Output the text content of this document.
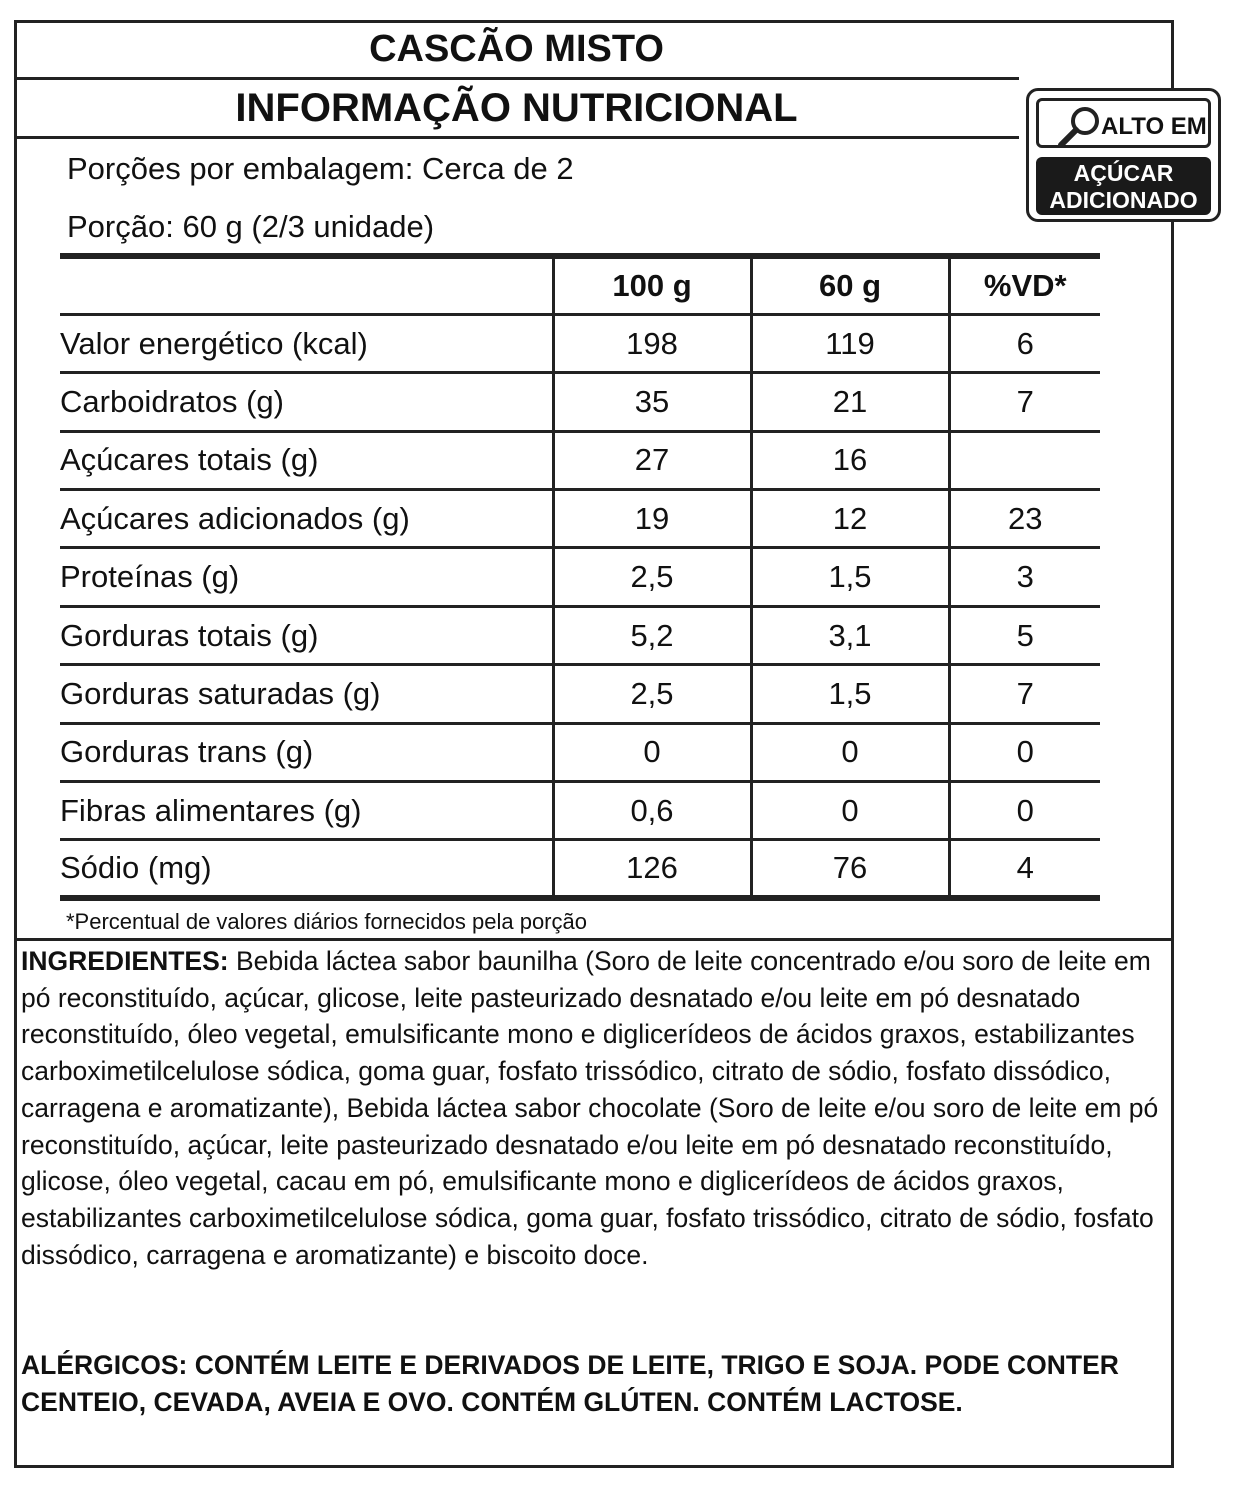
CASCÃO MISTO
INFORMAÇÃO NUTRICIONAL
Porções por embalagem: Cerca de 2
Porção: 60 g (2/3 unidade)
	100 g	60 g	%VD*
Valor energético (kcal)	198	119	6
Carboidratos (g)	35	21	7
Açúcares totais (g)	27	16	
Açúcares adicionados (g)	19	12	23
Proteínas (g)	2,5	1,5	3
Gorduras totais (g)	5,2	3,1	5
Gorduras saturadas (g)	2,5	1,5	7
Gorduras trans (g)	0	0	0
Fibras alimentares (g)	0,6	0	0
Sódio (mg)	126	76	4
*Percentual de valores diários fornecidos pela porção
INGREDIENTES: Bebida láctea sabor baunilha (Soro de leite concentrado e/ou soro de leite em pó reconstituído, açúcar, glicose, leite pasteurizado desnatado e/ou leite em pó desnatado reconstituído, óleo vegetal, emulsificante mono e diglicerídeos de ácidos graxos, estabilizantes carboximetilcelulose sódica, goma guar, fosfato trissódico, citrato de sódio, fosfato dissódico, carragena e aromatizante), Bebida láctea sabor chocolate (Soro de leite e/ou soro de leite em pó reconstituído, açúcar, leite pasteurizado desnatado e/ou leite em pó desnatado reconstituído, glicose, óleo vegetal, cacau em pó, emulsificante mono e diglicerídeos de ácidos graxos, estabilizantes carboximetilcelulose sódica, goma guar, fosfato trissódico, citrato de sódio, fosfato dissódico, carragena e aromatizante) e biscoito doce.
ALÉRGICOS: CONTÉM LEITE E DERIVADOS DE LEITE, TRIGO E SOJA. PODE CONTER CENTEIO, CEVADA, AVEIA E OVO. CONTÉM GLÚTEN. CONTÉM LACTOSE.
ALTO EM
AÇÚCAR
ADICIONADO
